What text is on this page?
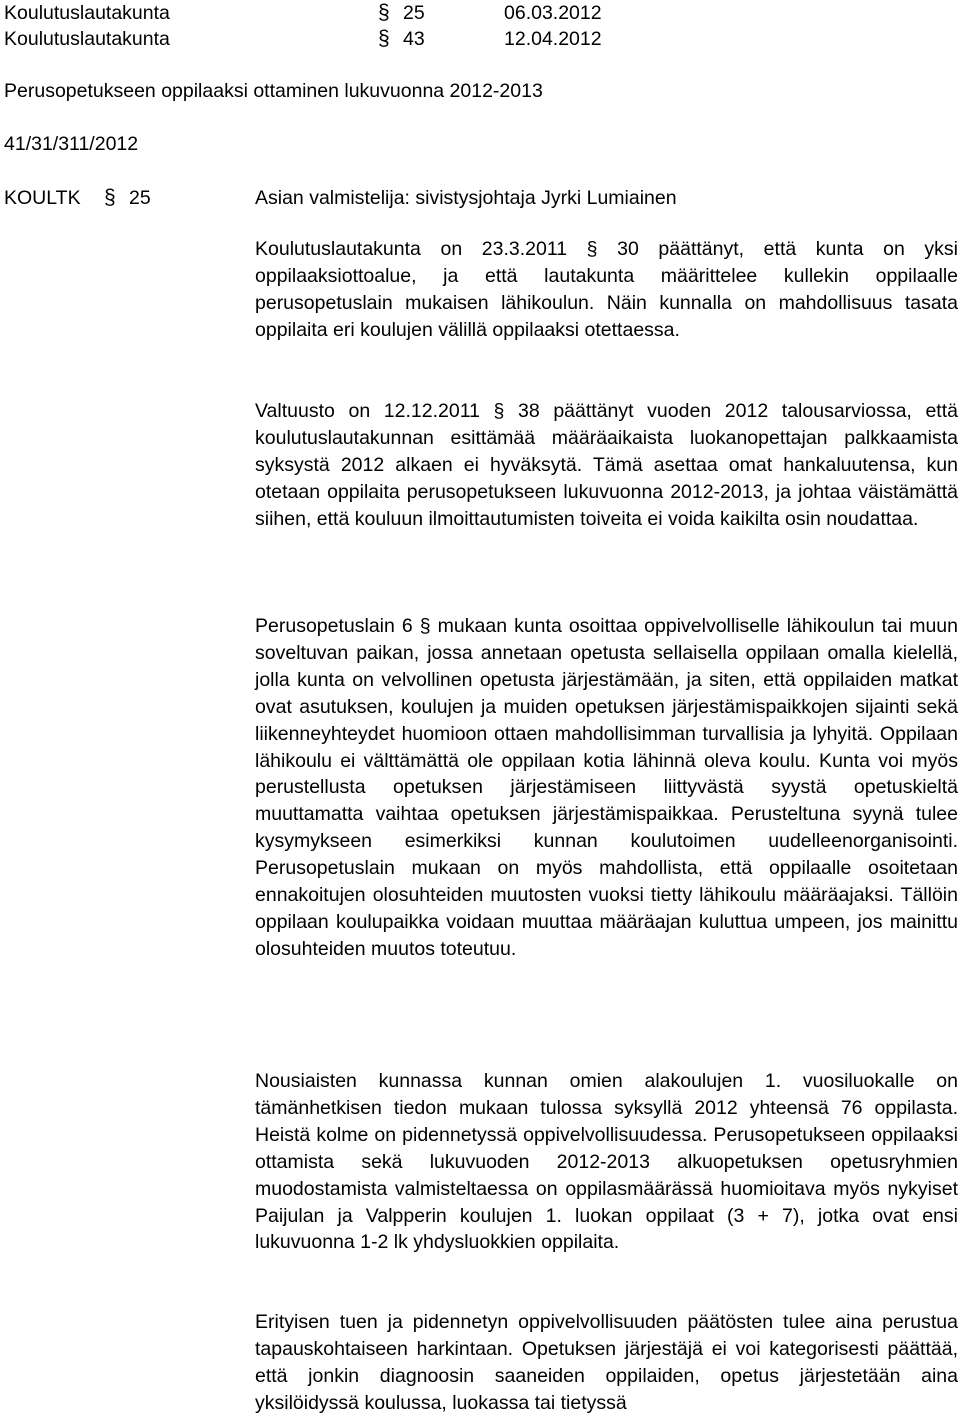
Koulutuslautakunta	§ 25	06.03.2012
Koulutuslautakunta	§ 43	12.04.2012
Perusopetukseen oppilaaksi ottaminen lukuvuonna 2012-2013
41/31/311/2012
KOULTK § 25	Asian valmistelija: sivistysjohtaja Jyrki Lumiainen

Koulutuslautakunta on 23.3.2011 § 30 päättänyt, että kunta on yksi oppilaaksiottoalue, ja että lautakunta määrittelee kullekin oppilaalle perusopetuslain mukaisen lähikoulun. Näin kunnalla on mahdollisuus tasata oppilaita eri koulujen välillä oppilaaksi otettaessa.

Valtuusto on 12.12.2011 § 38 päättänyt vuoden 2012 talousarviossa, että koulutuslautakunnan esittämää määräaikaista luokanopettajan palkkaamista syksystä 2012 alkaen ei hyväksytä. Tämä asettaa omat hankaluutensa, kun otetaan oppilaita perusopetukseen lukuvuonna 2012-2013, ja johtaa väistämättä siihen, että kouluun ilmoittautumisten toiveita ei voida kaikilta osin noudattaa.

Perusopetuslain 6 § mukaan kunta osoittaa oppivelvolliselle lähikoulun tai muun soveltuvan paikan, jossa annetaan opetusta sellaisella oppilaan omalla kielellä, jolla kunta on velvollinen opetusta järjestämään, ja siten, että oppilaiden matkat ovat asutuksen, koulujen ja muiden opetuksen järjestämispaikkojen sijainti sekä liikenneyhteydet huomioon ottaen mahdollisimman turvallisia ja lyhyitä. Oppilaan lähikoulu ei välttämättä ole oppilaan kotia lähinnä oleva koulu. Kunta voi myös perustellusta opetuksen järjestämiseen liittyvästä syystä opetuskieltä muuttamatta vaihtaa opetuksen järjestämispaikkaa. Perusteltuna syynä tulee kysymykseen esimerkiksi kunnan koulutoimen uudelleenorganisointi. Perusopetuslain mukaan on myös mahdollista, että oppilaalle osoitetaan ennakoitujen olosuhteiden muutosten vuoksi tietty lähikoulu määräajaksi. Tällöin oppilaan koulupaikka voidaan muuttaa määräajan kuluttua umpeen, jos mainittu olosuhteiden muutos toteutuu.

Nousiaisten kunnassa kunnan omien alakoulujen 1. vuosiluokalle on tämänhetkisen tiedon mukaan tulossa syksyllä 2012 yhteensä 76 oppilasta. Heistä kolme on pidennetyssä oppivelvollisuudessa. Perusopetukseen oppilaaksi ottamista sekä lukuvuoden 2012-2013 alkuopetuksen opetusryhmien muodostamista valmisteltaessa on oppilasmäärässä huomioitava myös nykyiset Paijulan ja Valpperin koulujen 1. luokan oppilaat (3 + 7), jotka ovat ensi lukuvuonna 1-2 lk yhdysluokkien oppilaita.

Erityisen tuen ja pidennetyn oppivelvollisuuden päätösten tulee aina perustua tapauskohtaiseen harkintaan. Opetuksen järjestäjä ei voi kategorisesti päättää, että jonkin diagnoosin saaneiden oppilaiden, opetus järjestetään aina yksilöidyssä koulussa, luokassa tai tietyssä
